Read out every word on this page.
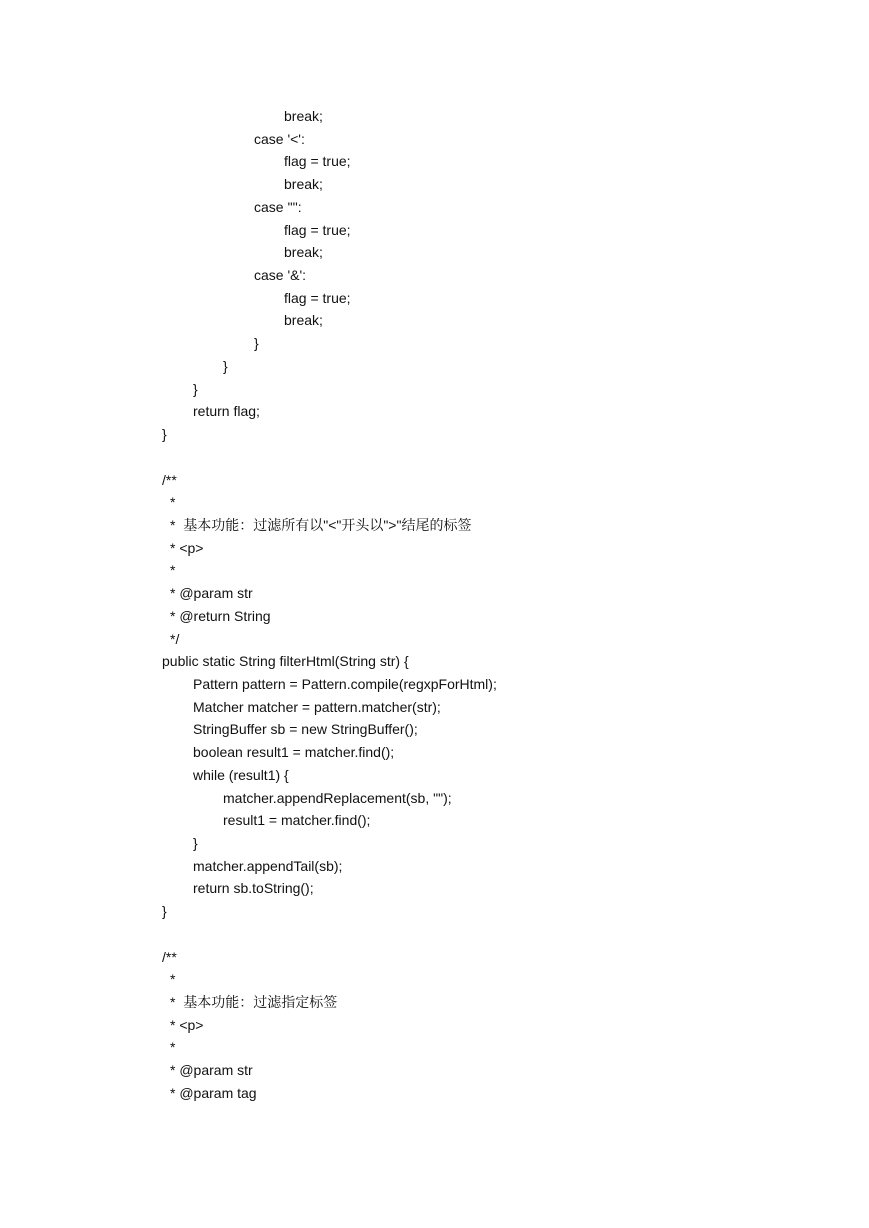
break;
case '<':
flag = true;
break;
case '"':
flag = true;
break;
case '&':
flag = true;
break;
}
}
}
return flag;
}
/**
*
*  基本功能：过滤所有以"<"开头以">"结尾的标签
* <p>
*
* @param str
* @return String
*/
public static String filterHtml(String str) {
Pattern pattern = Pattern.compile(regxpForHtml);
Matcher matcher = pattern.matcher(str);
StringBuffer sb = new StringBuffer();
boolean result1 = matcher.find();
while (result1) {
matcher.appendReplacement(sb, "");
result1 = matcher.find();
}
matcher.appendTail(sb);
return sb.toString();
}
/**
*
*  基本功能：过滤指定标签
* <p>
*
* @param str
* @param tag
